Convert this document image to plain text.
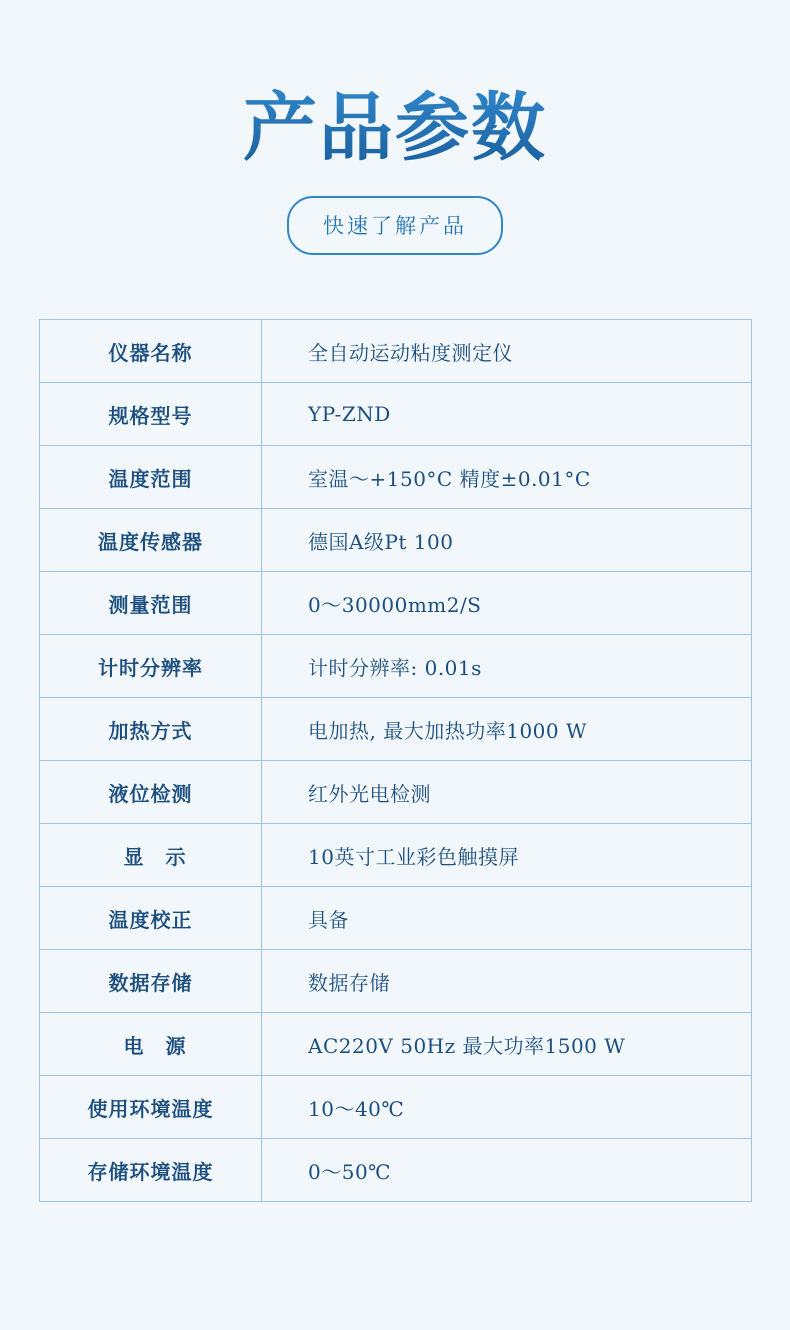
产品参数
快速了解产品
仪器名称	全自动运动粘度测定仪
规格型号	YP-ZND
温度范围	室温～+150°C 精度±0.01°C
温度传感器	德国A级Pt 100
测量范围	0～30000mm2/S
计时分辨率	计时分辨率: 0.01s
加热方式	电加热, 最大加热功率1000 W
液位检测	红外光电检测
显　示	10英寸工业彩色触摸屏
温度校正	具备
数据存储	数据存储
电　源	AC220V 50Hz 最大功率1500 W
使用环境温度	10～40℃
存储环境温度	0～50℃
